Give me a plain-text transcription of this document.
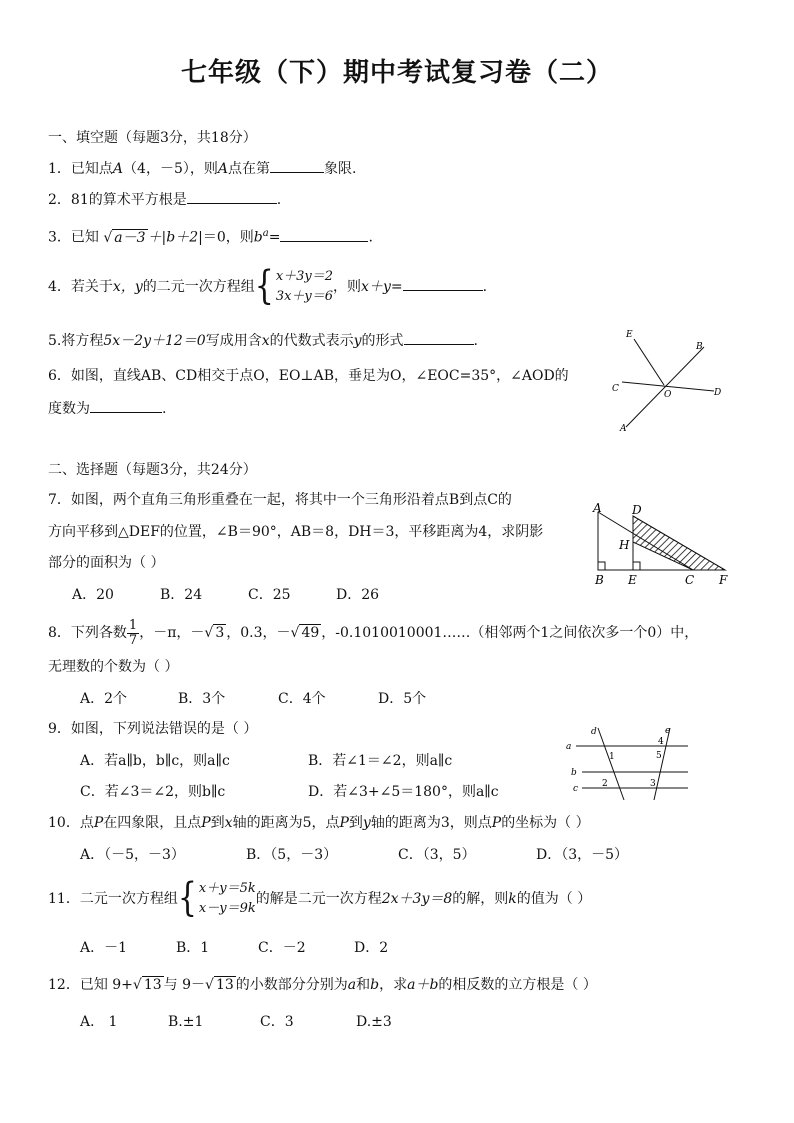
七年级（下）期中考试复习卷（二）
一、填空题（每题3分，共18分）
1．已知点A（4，－5），则A点在第	象限.
2．81的算术平方根是	.
3．已知 √ a－3 ＋|b＋2|＝0，则$b^a=$	.
4．若关于x，y的二元一次方程组{ x＋3y＝2
3x＋y＝6
，则x＋y=	.
5.将方程5x－2y＋12＝0写成用含x的代数式表示y的形式	.
6．如图，直线AB、CD相交于点O，EO⊥AB，垂足为O，∠EOC=35°，∠AOD的
度数为	.
E
B
C
O	D
A
二、选择题（每题3分，共24分）
7．如图，两个直角三角形重叠在一起，将其中一个三角形沿着点B到点C的
方向平移到△DEF的位置，∠B＝90°，AB＝8，DH＝3，平移距离为4，求阴影
部分的面积为（ ）
A．20	B．24	C．25	D．26
A	D
H
B E	C F
8．下列各数 $\frac{1}{7}$ ，－π，－√ 3 ，0.3，－√ 49 ，-0.1010010001……（相邻两个1之间依次多一个0）中，
无理数的个数为（ ）
A．2个	B．3个	C．4个	D．5个
9．如图，下列说法错误的是（ ）
A．若a∥b，b∥c，则a∥c	B．若∠1＝∠2，则a∥c
C．若∠3＝∠2，则b∥c	D．若∠3+∠5＝180°，则a∥c
a
b
c
d	e
1
2	3
4
5
10．点P在四象限，且点P到x轴的距离为5，点P到y轴的距离为3，则点P的坐标为（ ）
A．（－5，－3）	B．（5，－3）	C．（3，5）	D．（3，－5）
11．二元一次方程组{ x＋y＝5k
x－y＝9k
的解是二元一次方程2x＋3y＝8的解，则k的值为（ ）
A．－1	B．1	C．－2	D．2
12．已知 9+√ 13 与 9－√ 13 的小数部分分别为a和b，求a＋b的相反数的立方根是（ ）
A． 1	B.±1	C．3	D.±3
